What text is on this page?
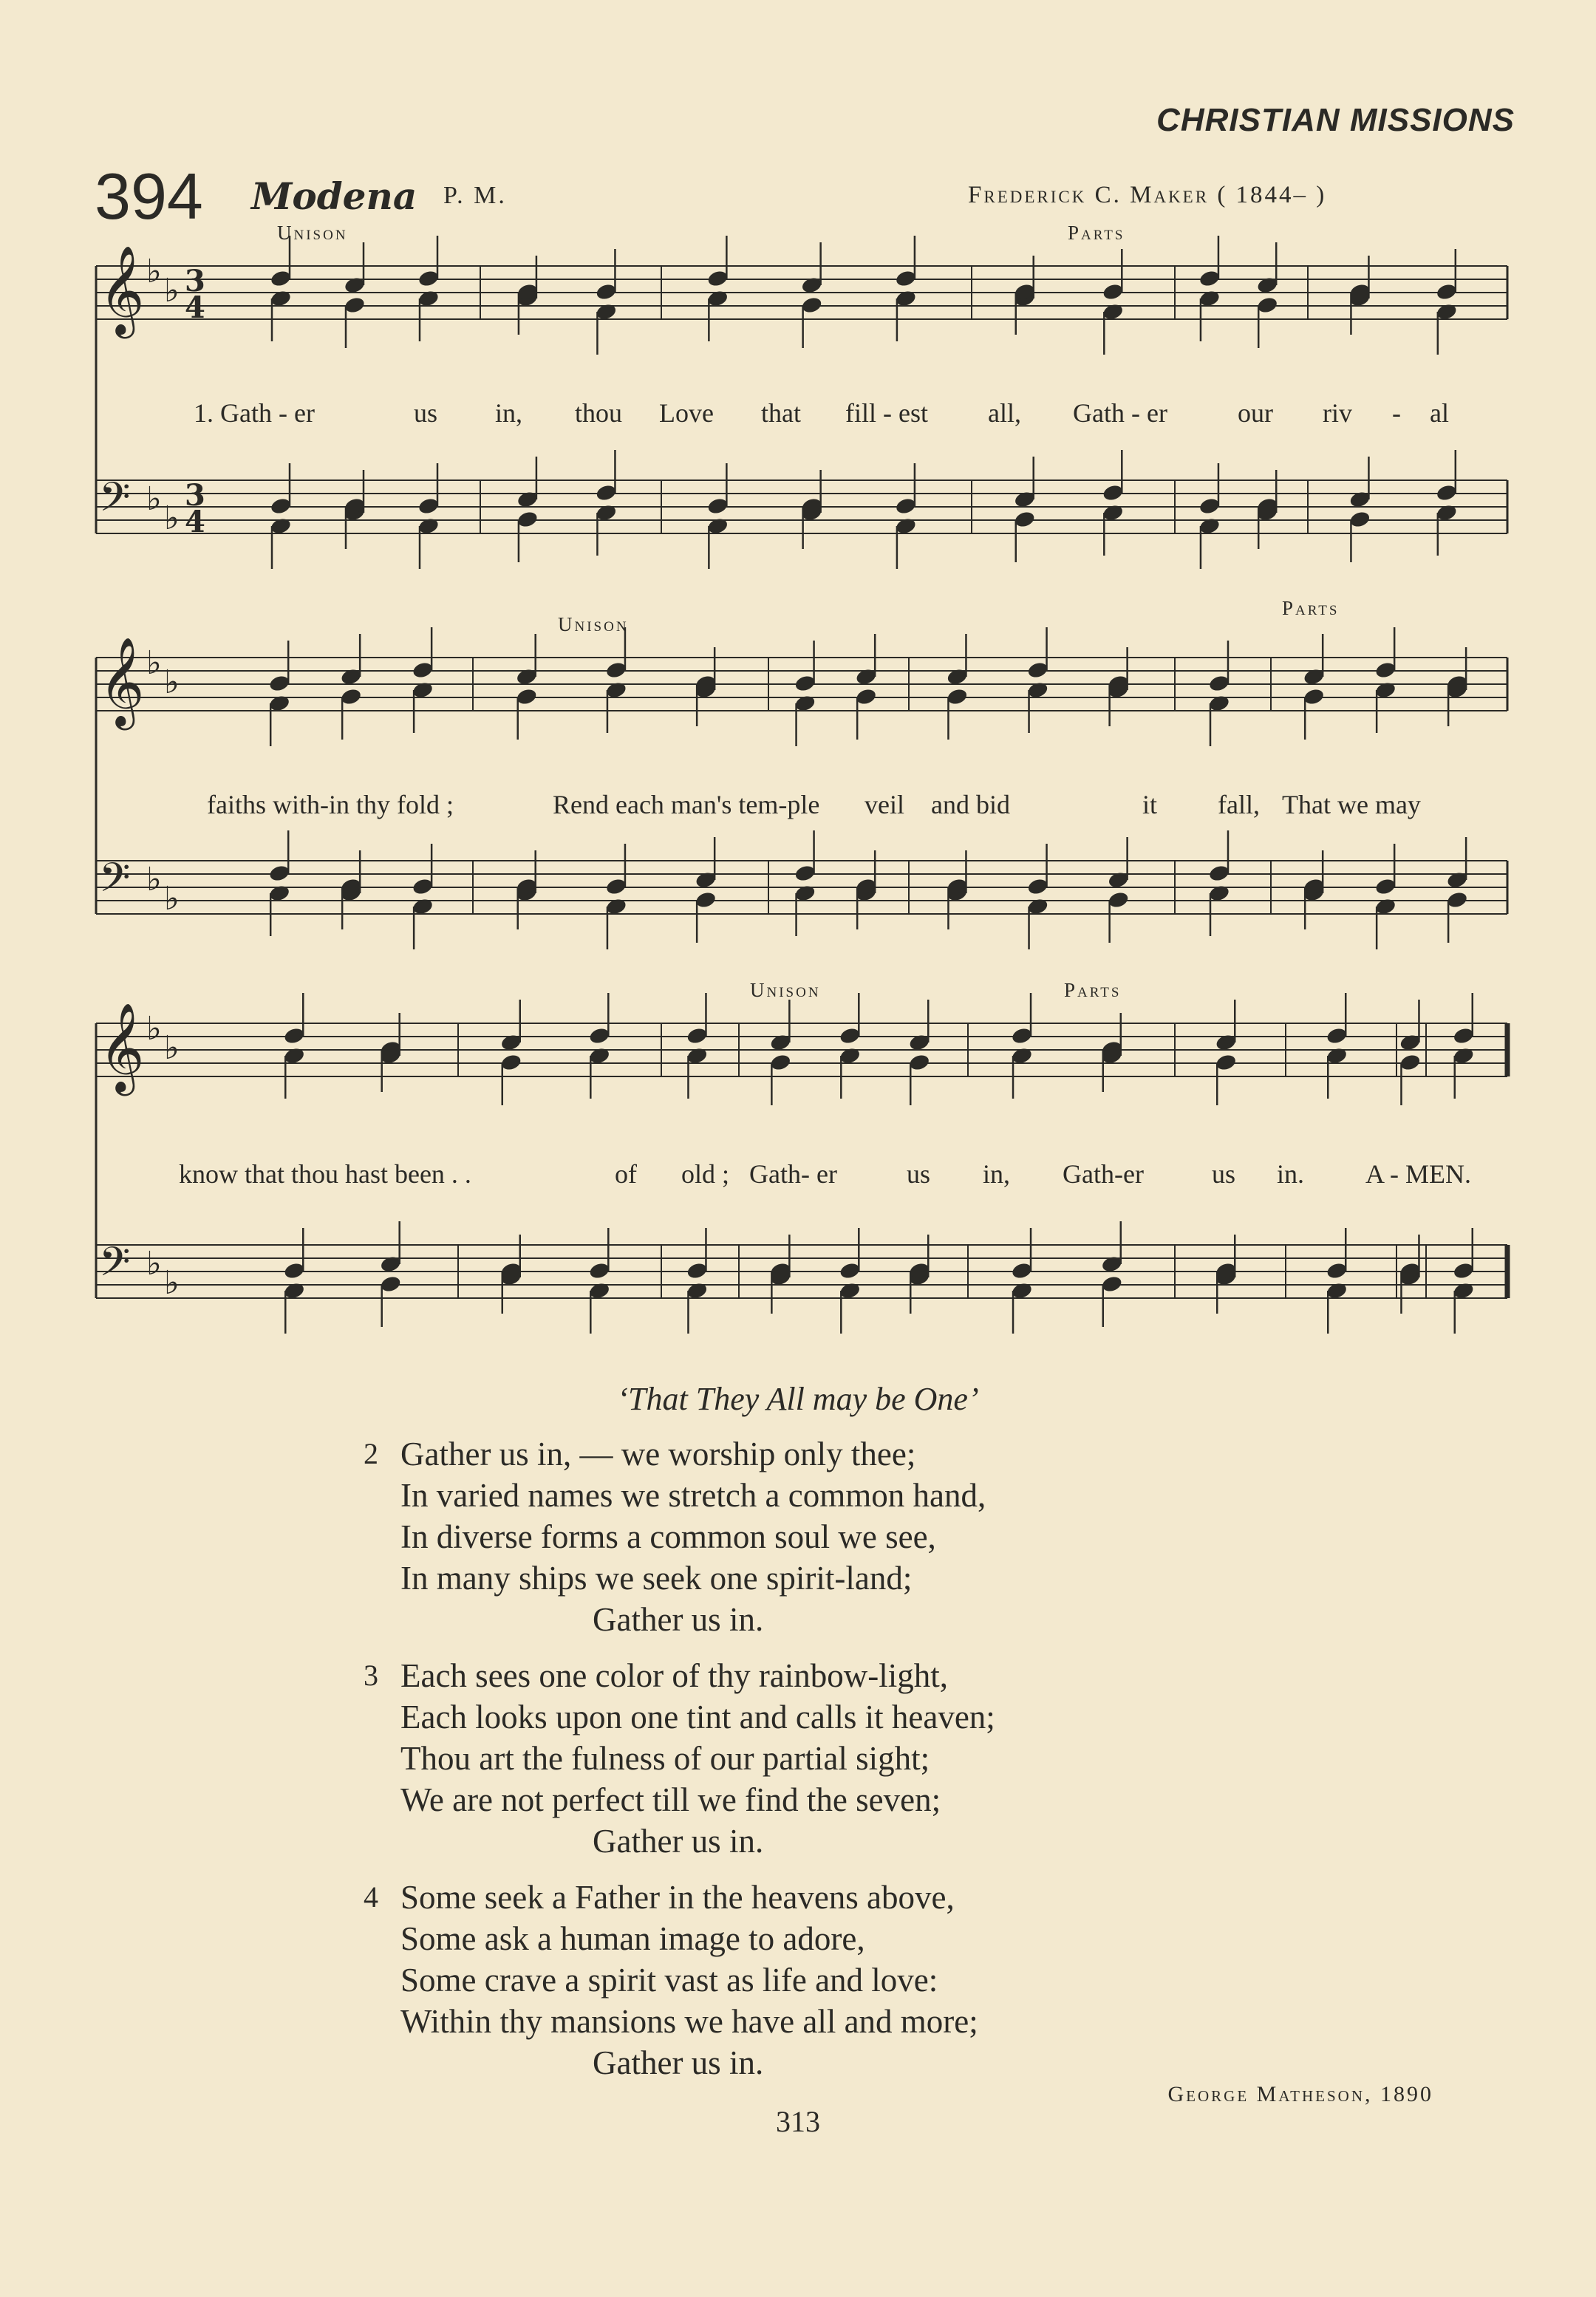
CHRISTIAN MISSIONS
394 Modena P. M.	Frederick C. Maker ( 1844– )
𝄞 ♭
♭ 3
4
𝄢 ♭
♭
3
4
𝄞 ♭
♭
𝄢 ♭
♭
𝄞 ♭
♭
𝄢 ♭
♭
Unison	Parts
Unison
Parts
Unison	Parts
1. Gath - er	us in, thou Love that fill - est all, Gath - er	our riv - al
faiths with-in thy fold ;	Rend each man's tem-ple veil and bid	it fall, That we may
know that thou hast been . .	of old ; Gath- er	us in, Gath-er	us in. A - MEN.
‘That They All may be One’
2 Gather us in, — we worship only thee;
In varied names we stretch a common hand,
In diverse forms a common soul we see,
In many ships we seek one spirit-land;
Gather us in.
3 Each sees one color of thy rainbow-light,
Each looks upon one tint and calls it heaven;
Thou art the fulness of our partial sight;
We are not perfect till we find the seven;
Gather us in.
4 Some seek a Father in the heavens above,
Some ask a human image to adore,
Some crave a spirit vast as life and love:
Within thy mansions we have all and more;
Gather us in.
George Matheson, 1890
313
